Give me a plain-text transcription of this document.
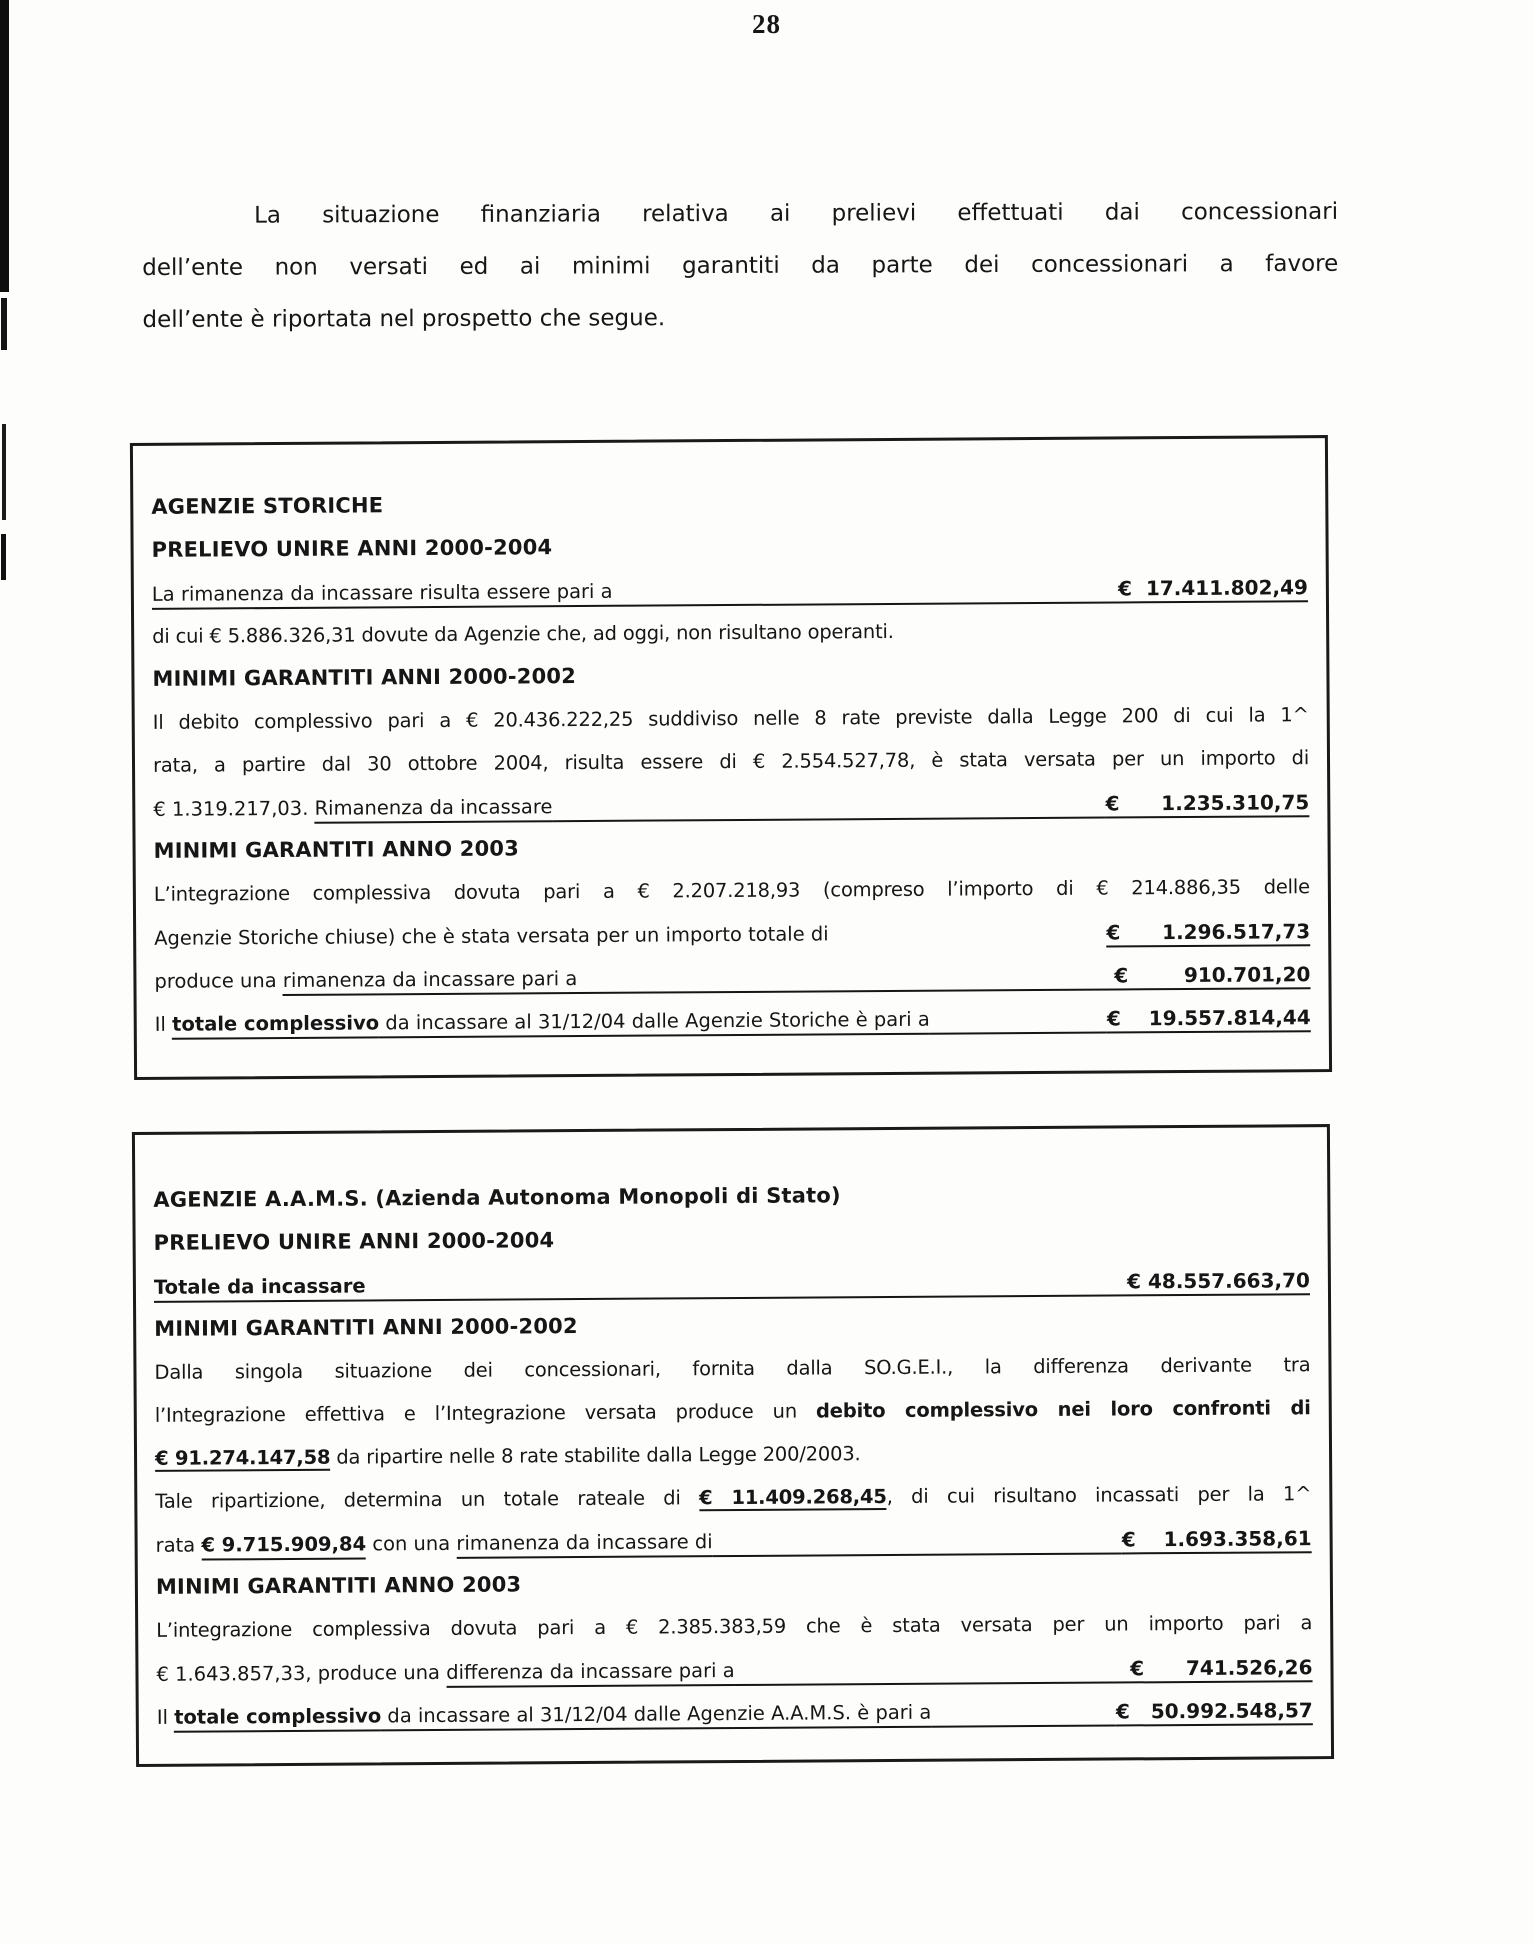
28
La situazione finanziaria relativa ai prelievi effettuati dai concessionari
dell’ente non versati ed ai minimi garantiti da parte dei concessionari a favore
dell’ente è riportata nel prospetto che segue.
AGENZIE STORICHE
PRELIEVO UNIRE ANNI 2000-2004
La rimanenza da incassare risulta essere pari a	€  17.411.802,49
di cui € 5.886.326,31 dovute da Agenzie che, ad oggi, non risultano operanti.
MINIMI GARANTITI ANNI 2000-2002
Il debito complessivo pari a € 20.436.222,25 suddiviso nelle 8 rate previste dalla Legge 200 di cui la 1^
rata, a partire dal 30 ottobre 2004, risulta essere di € 2.554.527,78, è stata versata per un importo di
€ 1.319.217,03. Rimanenza da incassare	€      1.235.310,75
MINIMI GARANTITI ANNO 2003
L’integrazione complessiva dovuta pari a € 2.207.218,93 (compreso l’importo di € 214.886,35 delle
Agenzie Storiche chiuse) che è stata versata per un importo totale di	€      1.296.517,73
produce una rimanenza da incassare pari a	€        910.701,20
Il totale complessivo da incassare al 31/12/04 dalle Agenzie Storiche è pari a	€    19.557.814,44
AGENZIE A.A.M.S. (Azienda Autonoma Monopoli di Stato)
PRELIEVO UNIRE ANNI 2000-2004
Totale da incassare	€ 48.557.663,70
MINIMI GARANTITI ANNI 2000-2002
Dalla singola situazione dei concessionari, fornita dalla SO.G.E.I., la differenza derivante tra
l’Integrazione effettiva e l’Integrazione versata produce un debito complessivo nei loro confronti di
€ 91.274.147,58 da ripartire nelle 8 rate stabilite dalla Legge 200/2003.
Tale ripartizione, determina un totale rateale di € 11.409.268,45, di cui risultano incassati per la 1^
rata € 9.715.909,84 con una rimanenza da incassare di	€    1.693.358,61
MINIMI GARANTITI ANNO 2003
L’integrazione complessiva dovuta pari a € 2.385.383,59 che è stata versata per un importo pari a
€ 1.643.857,33, produce una differenza da incassare pari a	€      741.526,26
Il totale complessivo da incassare al 31/12/04 dalle Agenzie A.A.M.S. è pari a	€   50.992.548,57
